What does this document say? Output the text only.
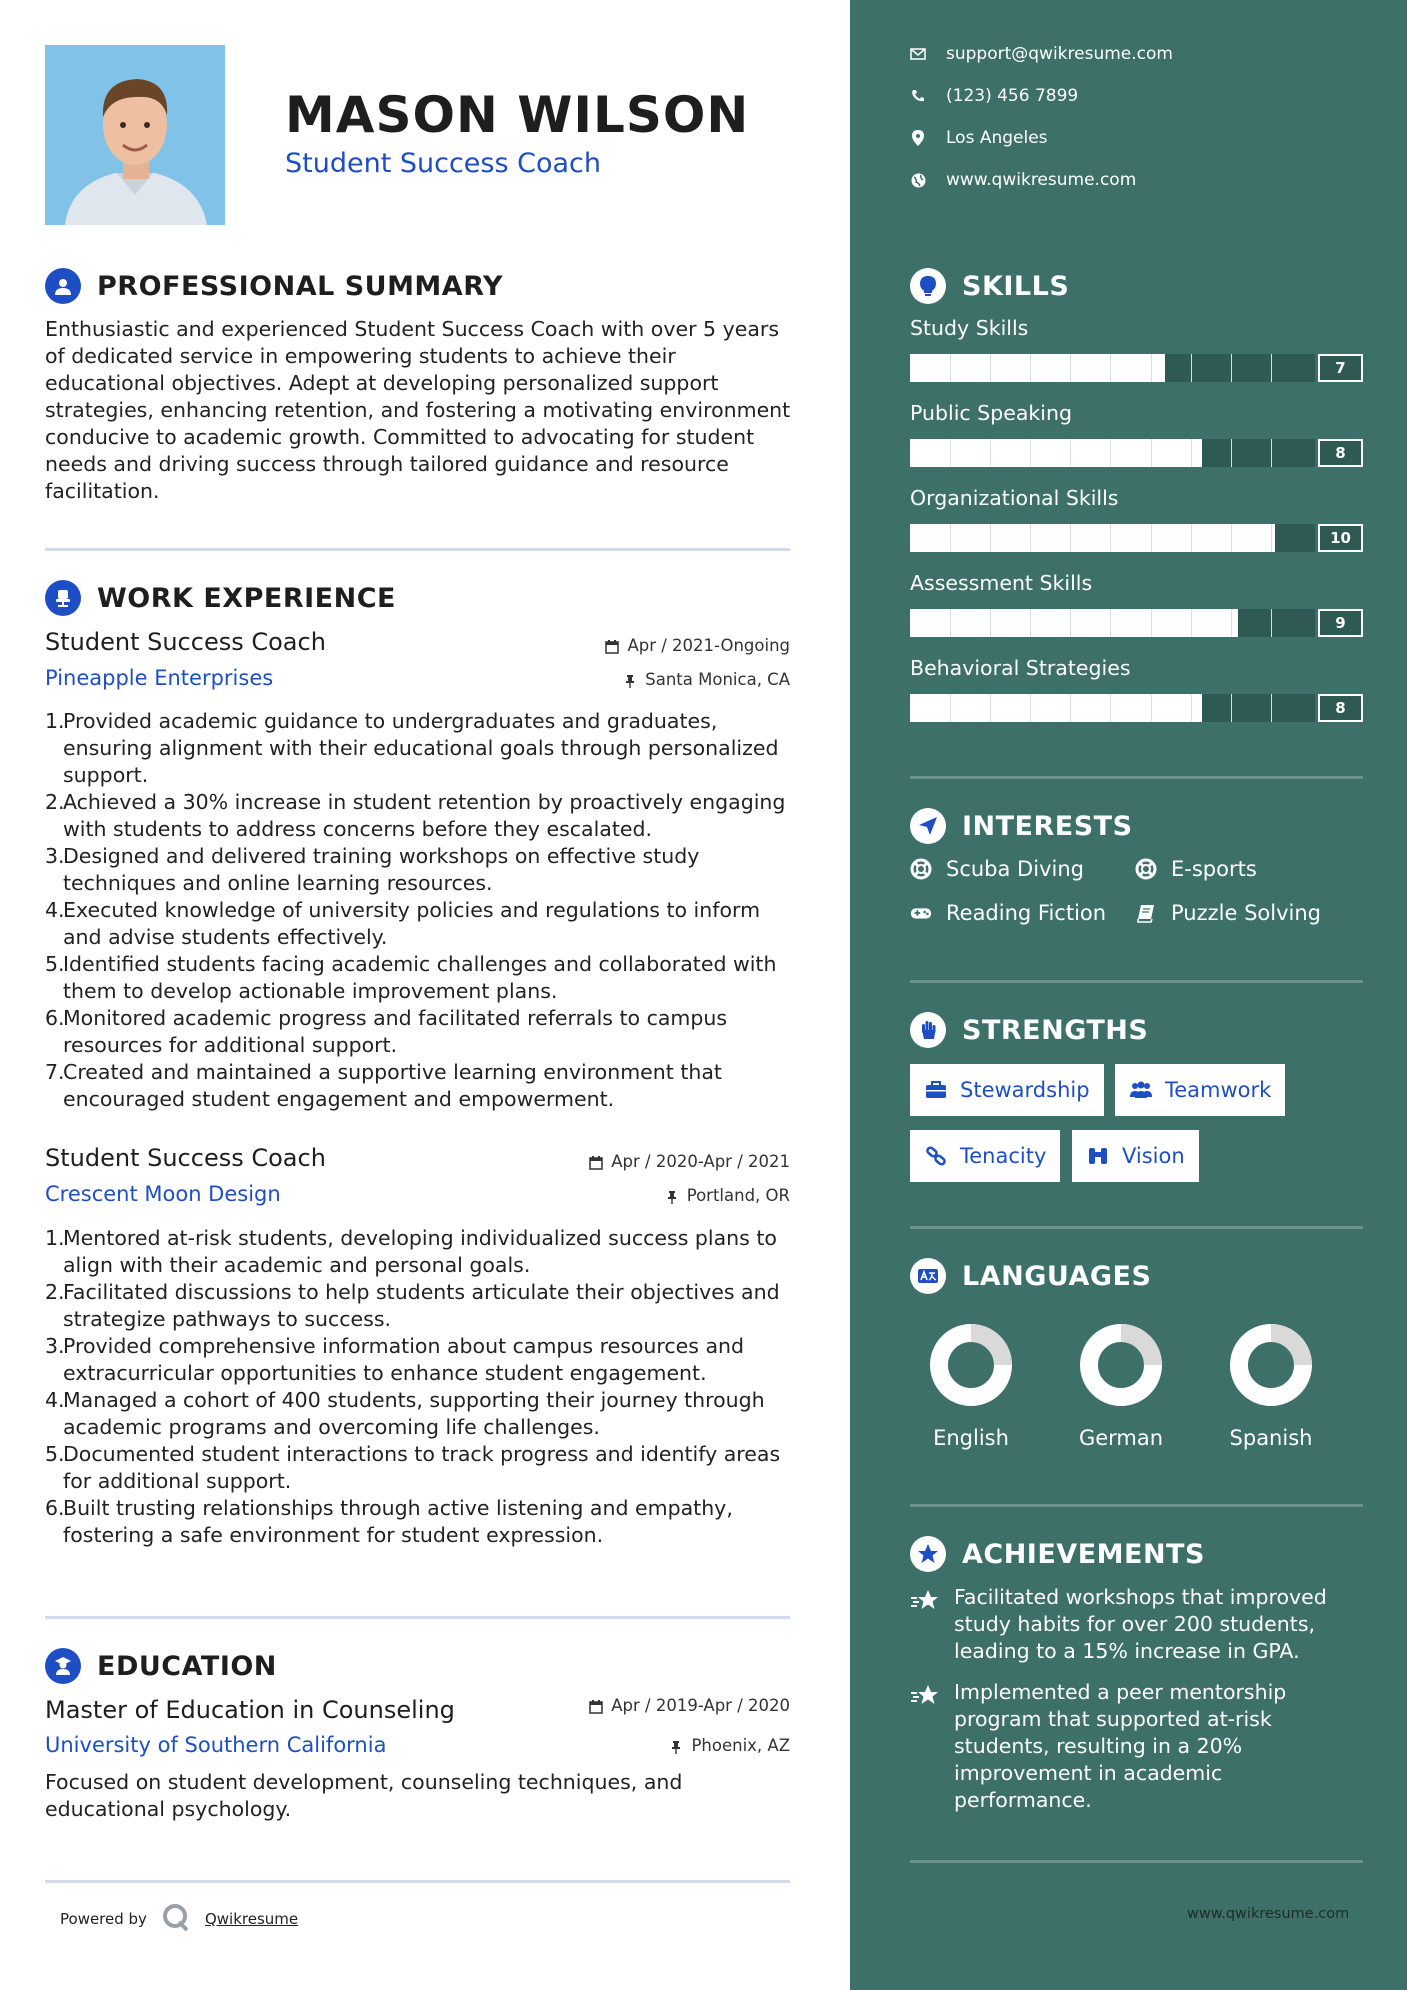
MASON WILSON
Student Success Coach
PROFESSIONAL SUMMARY
Enthusiastic and experienced Student Success Coach with over 5 years of dedicated service in empowering students to achieve their educational objectives. Adept at developing personalized support strategies, enhancing retention, and fostering a motivating environment conducive to academic growth. Committed to advocating for student needs and driving success through tailored guidance and resource facilitation.
WORK EXPERIENCE
Student Success Coach	Apr / 2021-Ongoing
Pineapple Enterprises	Santa Monica, CA
1.
Provided academic guidance to undergraduates and graduates, ensuring alignment with their educational goals through personalized support.
2.
Achieved a 30% increase in student retention by proactively engaging with students to address concerns before they escalated.
3.
Designed and delivered training workshops on effective study techniques and online learning resources.
4.
Executed knowledge of university policies and regulations to inform and advise students effectively.
5.
Identified students facing academic challenges and collaborated with them to develop actionable improvement plans.
6.
Monitored academic progress and facilitated referrals to campus resources for additional support.
7.
Created and maintained a supportive learning environment that encouraged student engagement and empowerment.
Student Success Coach	Apr / 2020-Apr / 2021
Crescent Moon Design	Portland, OR
1.
Mentored at-risk students, developing individualized success plans to align with their academic and personal goals.
2.
Facilitated discussions to help students articulate their objectives and strategize pathways to success.
3.
Provided comprehensive information about campus resources and extracurricular opportunities to enhance student engagement.
4.
Managed a cohort of 400 students, supporting their journey through academic programs and overcoming life challenges.
5.
Documented student interactions to track progress and identify areas for additional support.
6.
Built trusting relationships through active listening and empathy, fostering a safe environment for student expression.
EDUCATION
Master of Education in Counseling	Apr / 2019-Apr / 2020
University of Southern California	Phoenix, AZ
Focused on student development, counseling techniques, and educational psychology.
Powered by	Qwikresume
support@qwikresume.com
(123) 456 7899
Los Angeles
www.qwikresume.com
SKILLS
Study Skills
7
Public Speaking
8
Organizational Skills
10
Assessment Skills
9
Behavioral Strategies
8
INTERESTS
Scuba Diving	E-sports
Reading Fiction	Puzzle Solving
STRENGTHS
Stewardship	Teamwork
Tenacity	Vision
LANGUAGES
English	German	Spanish
ACHIEVEMENTS
Facilitated workshops that improved study habits for over 200 students, leading to a 15% increase in GPA.
Implemented a peer mentorship program that supported at-risk students, resulting in a 20% improvement in academic performance.
www.qwikresume.com
